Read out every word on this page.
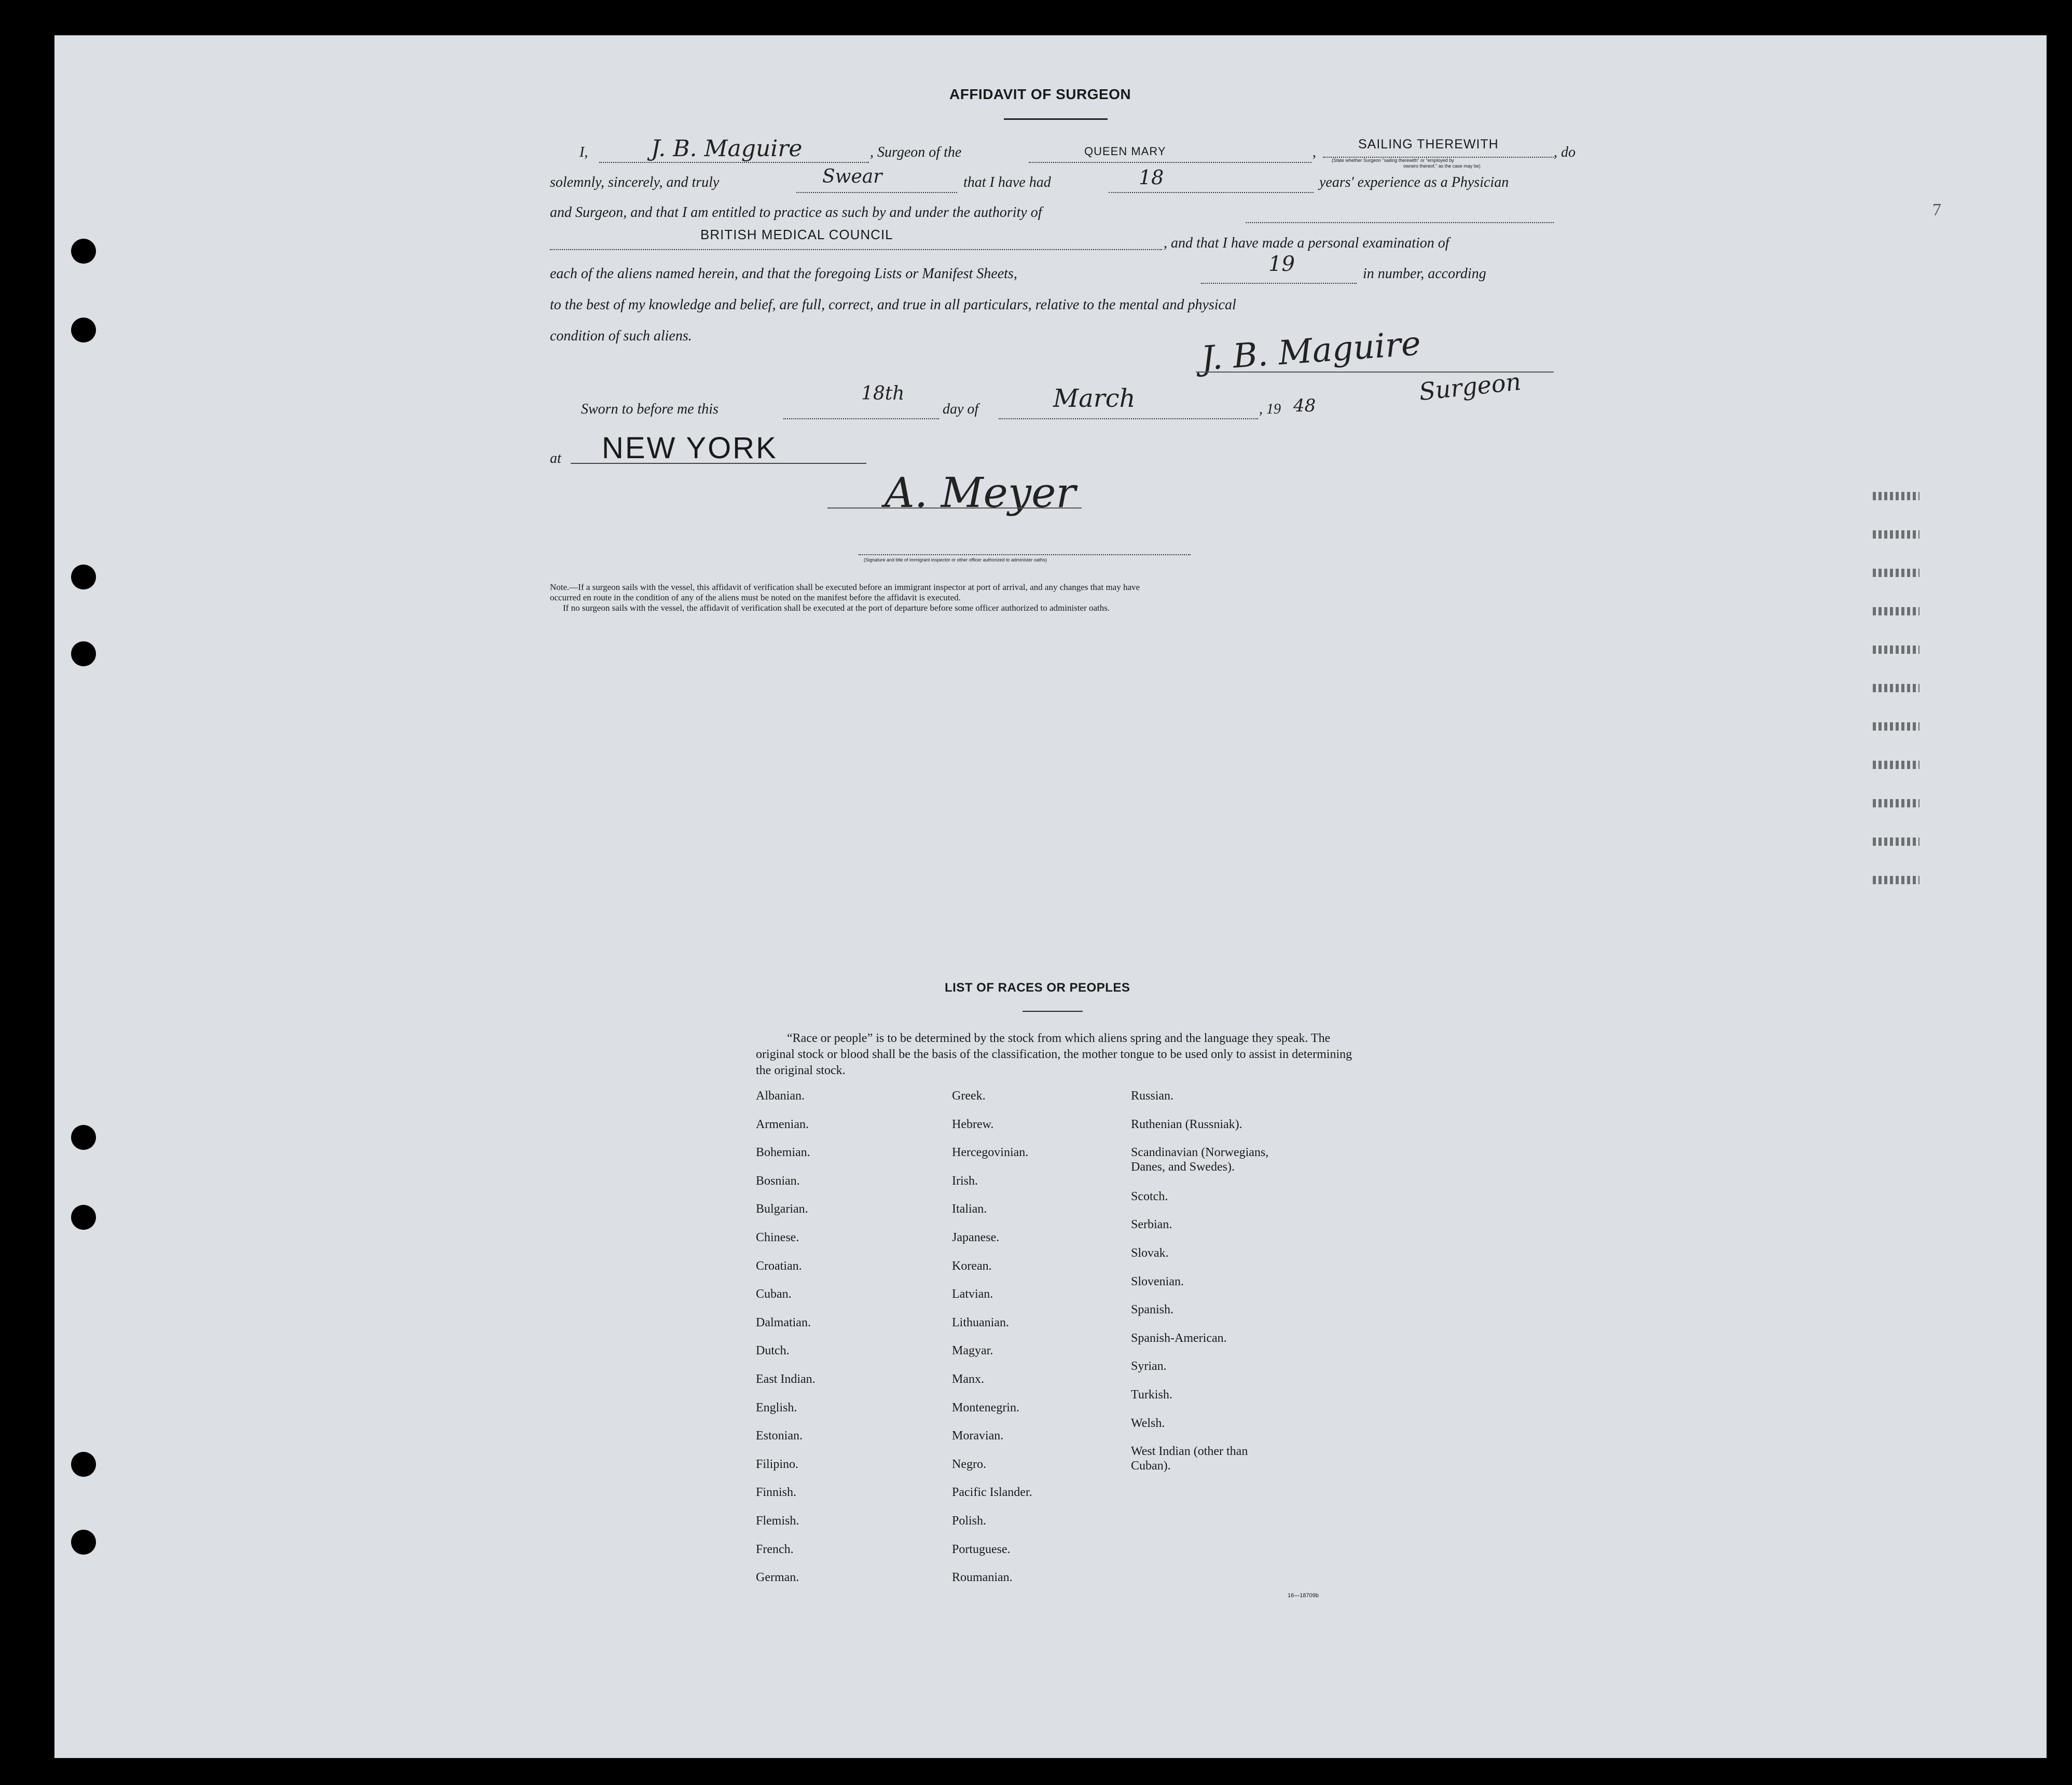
7
AFFIDAVIT OF SURGEON
I,	J. B. Maguire	, Surgeon of the	QUEEN MARY	,	SAILING THEREWITH
(State whether Surgeon "sailing therewith" or "employed by
owners thereof," as the case may be)
, do
solemnly, sincerely, and truly	Swear	that I have had	18	years' experience as a Physician
and Surgeon, and that I am entitled to practice as such by and under the authority of
BRITISH MEDICAL COUNCIL
, and that I have made a personal examination of
each of the aliens named herein, and that the foregoing Lists or Manifest Sheets,	19	in number, according
to the best of my knowledge and belief, are full, correct, and true in all particulars, relative to the mental and physical
condition of such aliens.	J. B. Maguire
Surgeon
Sworn to before me this
18th
day of	March	, 19 48
at NEW YORK
A. Meyer
(Signature and title of immigrant inspector or other officer authorized to administer oaths)
Note.—If a surgeon sails with the vessel, this affidavit of verification shall be executed before an immigrant inspector at port of arrival, and any changes that may have
occurred en route in the condition of any of the aliens must be noted on the manifest before the affidavit is executed.
If no surgeon sails with the vessel, the affidavit of verification shall be executed at the port of departure before some officer authorized to administer oaths.
LIST OF RACES OR PEOPLES
“Race or people” is to be determined by the stock from which aliens spring and the language they speak. The original stock or blood shall be the basis of the classification, the mother tongue to be used only to assist in determining the original stock.
Albanian.
Armenian.
Bohemian.
Bosnian.
Bulgarian.
Chinese.
Croatian.
Cuban.
Dalmatian.
Dutch.
East Indian.
English.
Estonian.
Filipino.
Finnish.
Flemish.
French.
German.
Greek.
Hebrew.
Hercegovinian.
Irish.
Italian.
Japanese.
Korean.
Latvian.
Lithuanian.
Magyar.
Manx.
Montenegrin.
Moravian.
Negro.
Pacific Islander.
Polish.
Portuguese.
Roumanian.
Russian.
Ruthenian (Russniak).
Scandinavian (Norwegians,
Danes, and Swedes).
Scotch.
Serbian.
Slovak.
Slovenian.
Spanish.
Spanish-American.
Syrian.
Turkish.
Welsh.
West Indian (other than
Cuban).
16—18709b
